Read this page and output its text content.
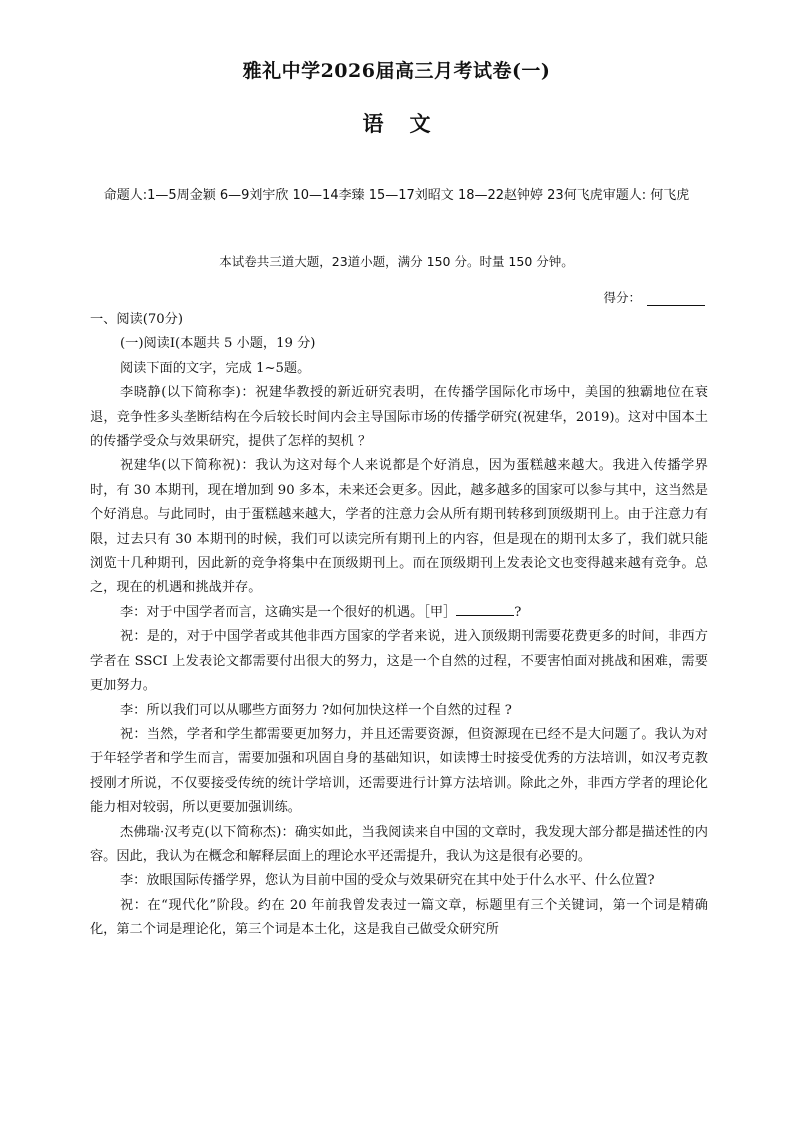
雅礼中学2026届高三月考试卷(一)
语文
命题人:1—5周金颖 6—9刘宇欣 10—14李臻 15—17刘昭文 18—22赵钟婷 23何飞虎审题人: 何飞虎
本试卷共三道大题，23道小题，满分 150 分。时量 150 分钟。
得分：

一、阅读(70分)

(一)阅读Ⅰ(本题共 5 小题，19 分)

阅读下面的文字，完成 1~5题。

李晓静(以下简称李)：祝建华教授的新近研究表明，在传播学国际化市场中，美国的独霸地位在衰退，竞争性多头垄断结构在今后较长时间内会主导国际市场的传播学研究(祝建华，2019)。这对中国本土的传播学受众与效果研究，提供了怎样的契机 ？

祝建华(以下简称祝)：我认为这对每个人来说都是个好消息，因为蛋糕越来越大。我进入传播学界时，有 30 本期刊，现在增加到 90 多本，未来还会更多。因此，越多越多的国家可以参与其中，这当然是个好消息。与此同时，由于蛋糕越来越大，学者的注意力会从所有期刊转移到顶级期刊上。由于注意力有限，过去只有 30 本期刊的时候，我们可以读完所有期刊上的内容，但是现在的期刊太多了，我们就只能浏览十几种期刊，因此新的竞争将集中在顶级期刊上。而在顶级期刊上发表论文也变得越来越有竞争。总之，现在的机遇和挑战并存。

李：对于中国学者而言，这确实是一个很好的机遇。［甲］	?

祝：是的，对于中国学者或其他非西方国家的学者来说，进入顶级期刊需要花费更多的时间，非西方学者在 SSCI 上发表论文都需要付出很大的努力，这是一个自然的过程，不要害怕面对挑战和困难，需要更加努力。

李：所以我们可以从哪些方面努力 ?如何加快这样一个自然的过程 ?

祝：当然，学者和学生都需要更加努力，并且还需要资源，但资源现在已经不是大问题了。我认为对于年轻学者和学生而言，需要加强和巩固自身的基础知识，如读博士时接受优秀的方法培训，如汉考克教授刚才所说，不仅要接受传统的统计学培训，还需要进行计算方法培训。除此之外，非西方学者的理论化能力相对较弱，所以更要加强训练。

杰佛瑞·汉考克(以下简称杰)：确实如此，当我阅读来自中国的文章时，我发现大部分都是描述性的内容。因此，我认为在概念和解释层面上的理论水平还需提升，我认为这是很有必要的。

李：放眼国际传播学界，您认为目前中国的受众与效果研究在其中处于什么水平、什么位置?

祝：在“现代化”阶段。约在 20 年前我曾发表过一篇文章，标题里有三个关键词，第一个词是精确化，第二个词是理论化，第三个词是本土化，这是我自己做受众研究所
